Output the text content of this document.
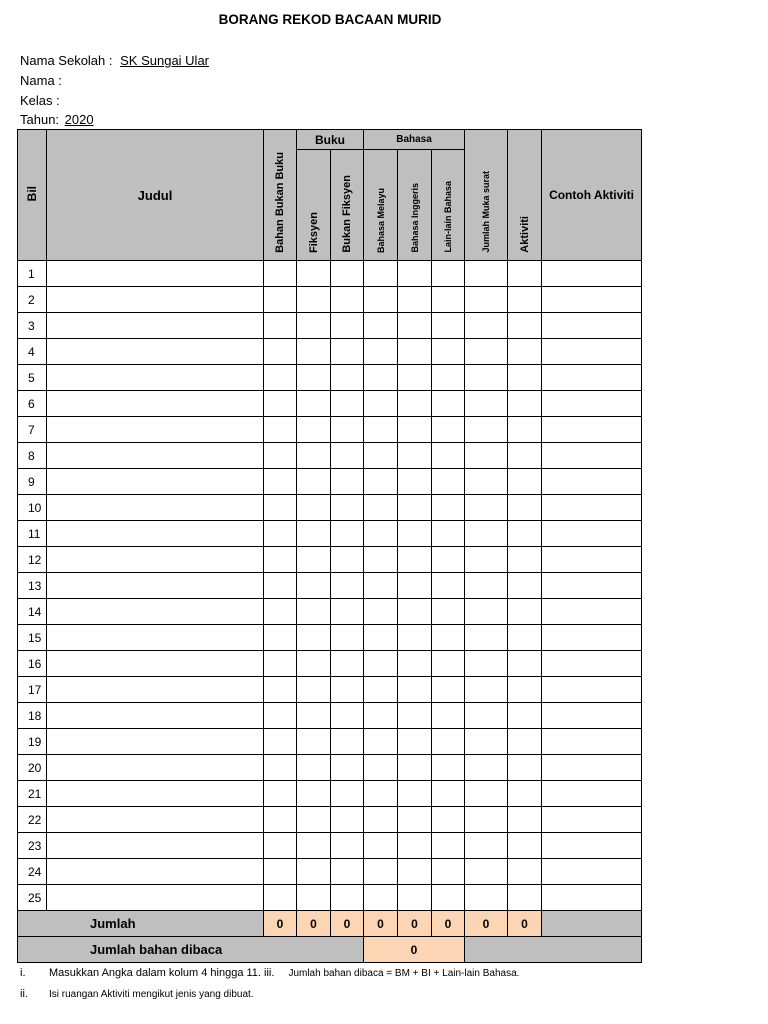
BORANG REKOD BACAAN MURID
Nama Sekolah : SK Sungai Ular
Nama :
Kelas :
Tahun: 2020
Bil	Judul	Bahan Bukan Buku	Buku		Bahasa			Jumlah Muka surat	Aktiviti	Contoh Aktiviti
			Fiksyen	Bukan Fiksyen	Bahasa Melayu	Bahasa Inggeris	Lain-lain Bahasa			
1										
2										
3										
4										
5										
6										
7										
8										
9										
10										
11										
12										
13										
14										
15										
16										
17										
18										
19										
20										
21										
22										
23										
24										
25										
Jumlah		0	0	0	0	0	0	0	0	
Jumlah bahan dibaca					0					
i. Masukkan Angka dalam kolum 4 hingga 11. iii. Jumlah bahan dibaca = BM + BI + Lain-lain Bahasa.
ii. Isi ruangan Aktiviti mengikut jenis yang dibuat.
